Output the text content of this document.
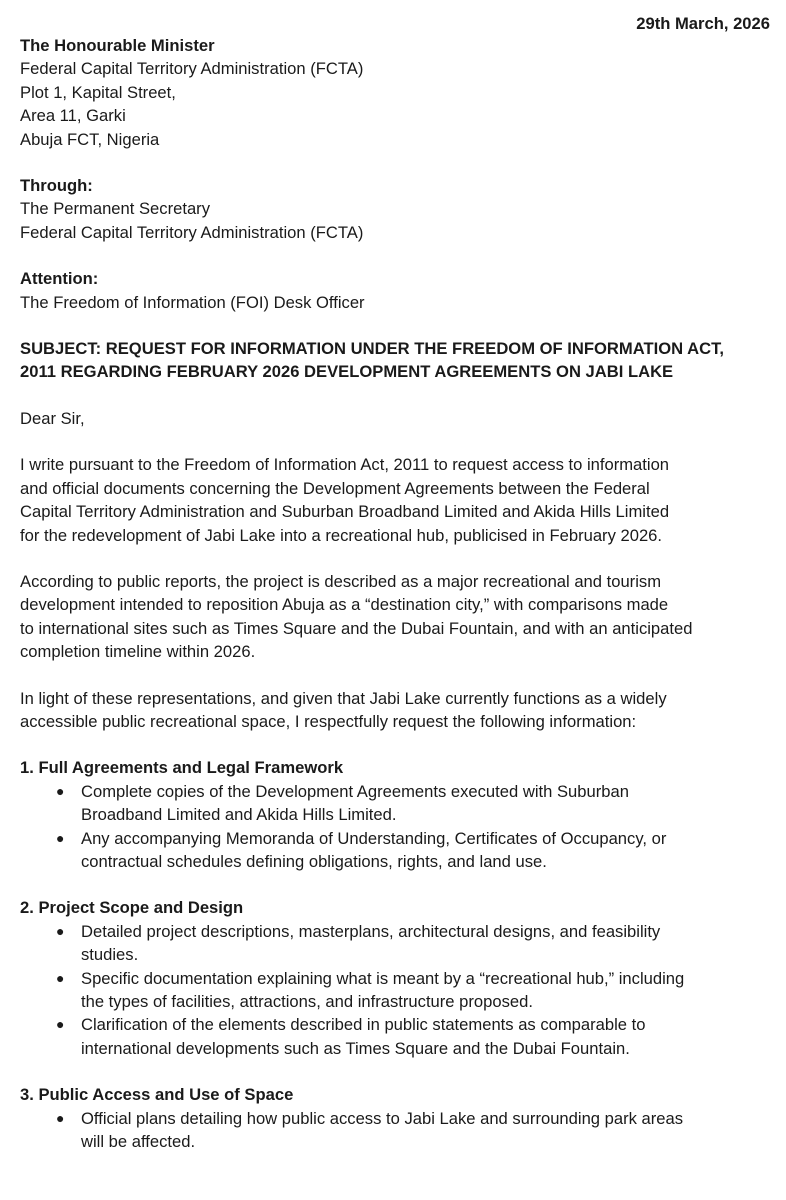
29th March, 2026
The Honourable Minister
Federal Capital Territory Administration (FCTA)
Plot 1, Kapital Street,
Area 11, Garki
Abuja FCT, Nigeria
Through:
The Permanent Secretary
Federal Capital Territory Administration (FCTA)
Attention:
The Freedom of Information (FOI) Desk Officer
SUBJECT: REQUEST FOR INFORMATION UNDER THE FREEDOM OF INFORMATION ACT,
2011 REGARDING FEBRUARY 2026 DEVELOPMENT AGREEMENTS ON JABI LAKE
Dear Sir,

I write pursuant to the Freedom of Information Act, 2011 to request access to information
and official documents concerning the Development Agreements between the Federal
Capital Territory Administration and Suburban Broadband Limited and Akida Hills Limited
for the redevelopment of Jabi Lake into a recreational hub, publicised in February 2026.

According to public reports, the project is described as a major recreational and tourism
development intended to reposition Abuja as a “destination city,” with comparisons made
to international sites such as Times Square and the Dubai Fountain, and with an anticipated
completion timeline within 2026.

In light of these representations, and given that Jabi Lake currently functions as a widely
accessible public recreational space, I respectfully request the following information:

1. Full Agreements and Legal Framework
● Complete copies of the Development Agreements executed with Suburban
Broadband Limited and Akida Hills Limited.
● Any accompanying Memoranda of Understanding, Certificates of Occupancy, or
contractual schedules defining obligations, rights, and land use.
2. Project Scope and Design
● Detailed project descriptions, masterplans, architectural designs, and feasibility
studies.
● Specific documentation explaining what is meant by a “recreational hub,” including
the types of facilities, attractions, and infrastructure proposed.
● Clarification of the elements described in public statements as comparable to
international developments such as Times Square and the Dubai Fountain.
3. Public Access and Use of Space
● Official plans detailing how public access to Jabi Lake and surrounding park areas
will be affected.
